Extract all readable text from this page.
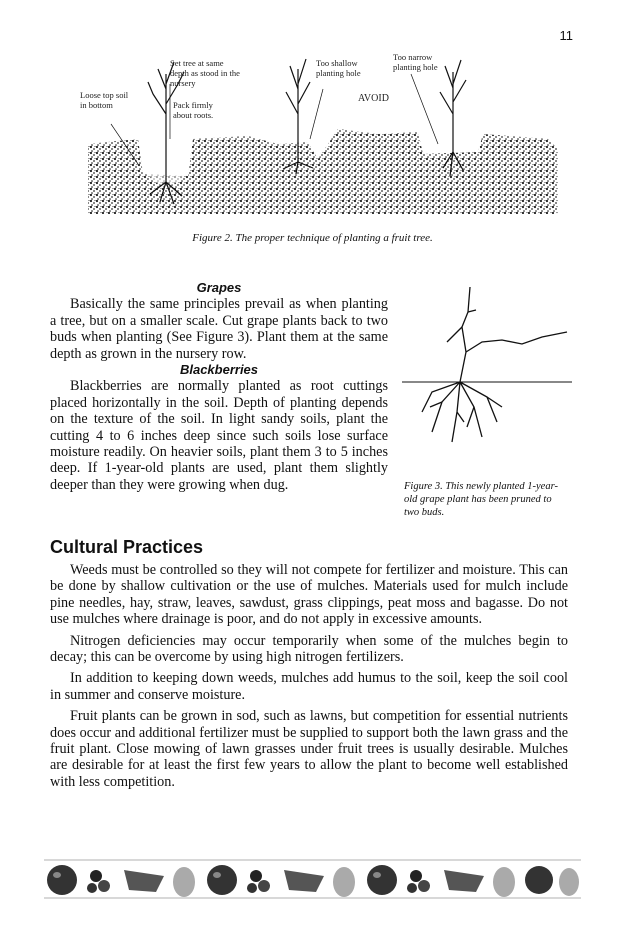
11
Loose top soil in bottom
Set tree at same depth as stood in the nursery
Pack firmly about roots.
Too shallow planting hole
Too narrow planting hole
AVOID
Figure 2. The proper technique of planting a fruit tree.
Grapes

Basically the same principles prevail as when planting a tree, but on a smaller scale. Cut grape plants back to two buds when planting (See Figure 3). Plant them at the same depth as grown in the nursery row.

Blackberries

Blackberries are normally planted as root cuttings placed horizontally in the soil. Depth of planting depends on the texture of the soil. In light sandy soils, plant the cutting 4 to 6 inches deep since such soils lose surface moisture readily. On heavier soils, plant them 3 to 5 inches deep. If 1-year-old plants are used, plant them slightly deeper than they were growing when dug.	Figure 3. This newly planted 1-year-old grape plant has been pruned to two buds.
Cultural Practices

Weeds must be controlled so they will not compete for fertilizer and moisture. This can be done by shallow cultivation or the use of mulches. Materials used for mulch include pine needles, hay, straw, leaves, sawdust, grass clippings, peat moss and bagasse. Do not use mulches where drainage is poor, and do not apply in excessive amounts.

Nitrogen deficiencies may occur temporarily when some of the mulches begin to decay; this can be overcome by using high nitrogen fertilizers.

In addition to keeping down weeds, mulches add humus to the soil, keep the soil cool in summer and conserve moisture.

Fruit plants can be grown in sod, such as lawns, but competition for essential nutrients does occur and additional fertilizer must be supplied to support both the lawn grass and the fruit plant. Close mowing of lawn grasses under fruit trees is usually desirable. Mulches are desirable for at least the first few years to allow the plant to become well established with less competition.
